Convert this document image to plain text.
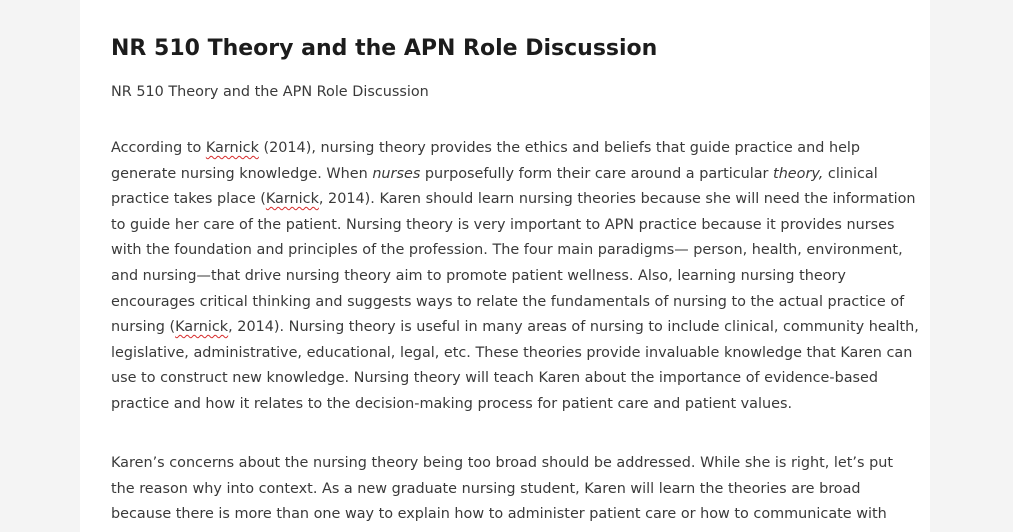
NR 510 Theory and the APN Role Discussion

NR 510 Theory and the APN Role Discussion

According to Karnick (2014), nursing theory provides the ethics and beliefs that guide practice and help
generate nursing knowledge. When nurses purposefully form their care around a particular theory, clinical
practice takes place (Karnick, 2014). Karen should learn nursing theories because she will need the information
to guide her care of the patient. Nursing theory is very important to APN practice because it provides nurses
with the foundation and principles of the profession. The four main paradigms— person, health, environment,
and nursing—that drive nursing theory aim to promote patient wellness. Also, learning nursing theory
encourages critical thinking and suggests ways to relate the fundamentals of nursing to the actual practice of
nursing (Karnick, 2014). Nursing theory is useful in many areas of nursing to include clinical, community health,
legislative, administrative, educational, legal, etc. These theories provide invaluable knowledge that Karen can
use to construct new knowledge. Nursing theory will teach Karen about the importance of evidence-based
practice and how it relates to the decision-making process for patient care and patient values.

Karen’s concerns about the nursing theory being too broad should be addressed. While she is right, let’s put
the reason why into context. As a new graduate nursing student, Karen will learn the theories are broad
because there is more than one way to explain how to administer patient care or how to communicate with
